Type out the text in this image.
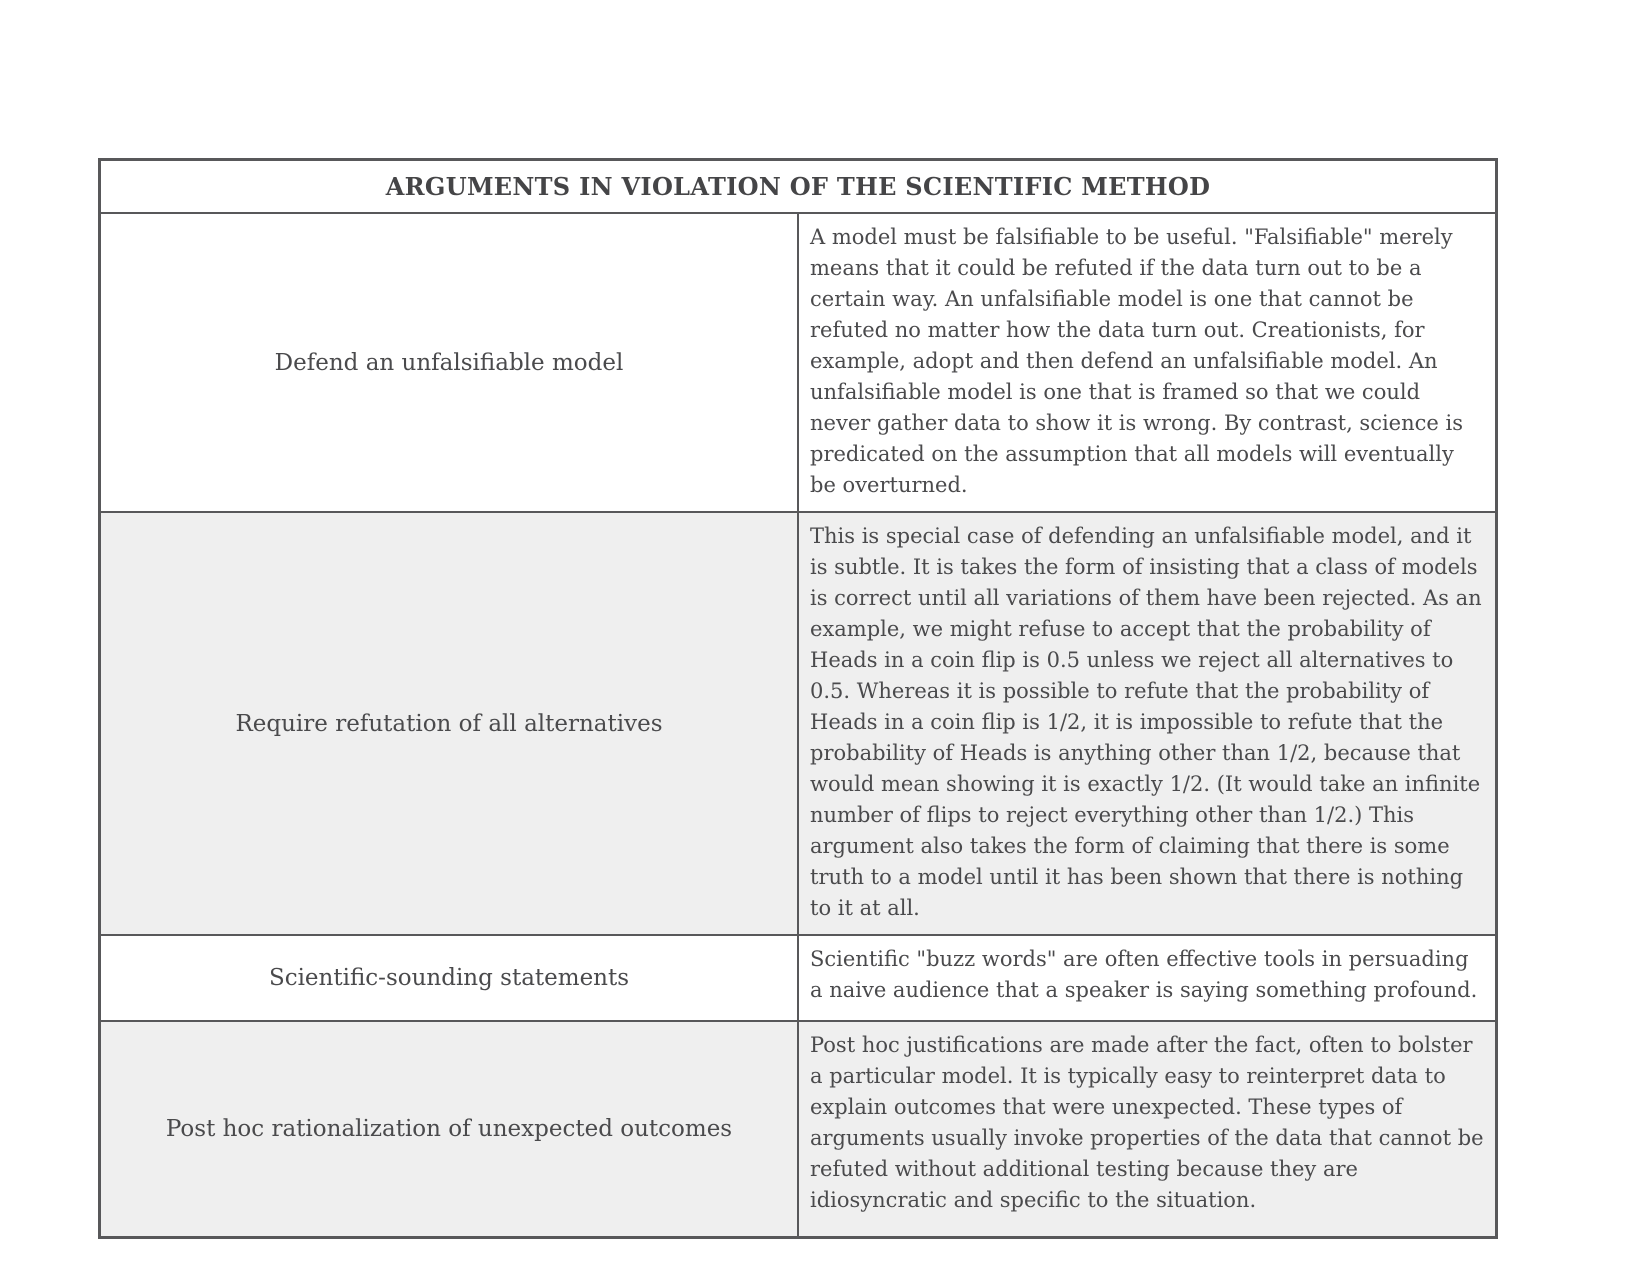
ARGUMENTS IN VIOLATION OF THE SCIENTIFIC METHOD	
Defend an unfalsifiable model	A model must be falsifiable to be useful. "Falsifiable" merely means that it could be refuted if the data turn out to be a certain way. An unfalsifiable model is one that cannot be refuted no matter how the data turn out. Creationists, for example, adopt and then defend an unfalsifiable model. An unfalsifiable model is one that is framed so that we could never gather data to show it is wrong. By contrast, science is predicated on the assumption that all models will eventually be overturned.
Require refutation of all alternatives	This is special case of defending an unfalsifiable model, and it is subtle. It is takes the form of insisting that a class of models is correct until all variations of them have been rejected. As an example, we might refuse to accept that the probability of Heads in a coin flip is 0.5 unless we reject all alternatives to 0.5. Whereas it is possible to refute that the probability of Heads in a coin flip is 1/2, it is impossible to refute that the probability of Heads is anything other than 1/2, because that would mean showing it is exactly 1/2. (It would take an infinite number of flips to reject everything other than 1/2.) This argument also takes the form of claiming that there is some truth to a model until it has been shown that there is nothing to it at all.
Scientific-sounding statements	Scientific "buzz words" are often effective tools in persuading a naive audience that a speaker is saying something profound.
Post hoc rationalization of unexpected outcomes	Post hoc justifications are made after the fact, often to bolster a particular model. It is typically easy to reinterpret data to explain outcomes that were unexpected. These types of arguments usually invoke properties of the data that cannot be refuted without additional testing because they are idiosyncratic and specific to the situation.
